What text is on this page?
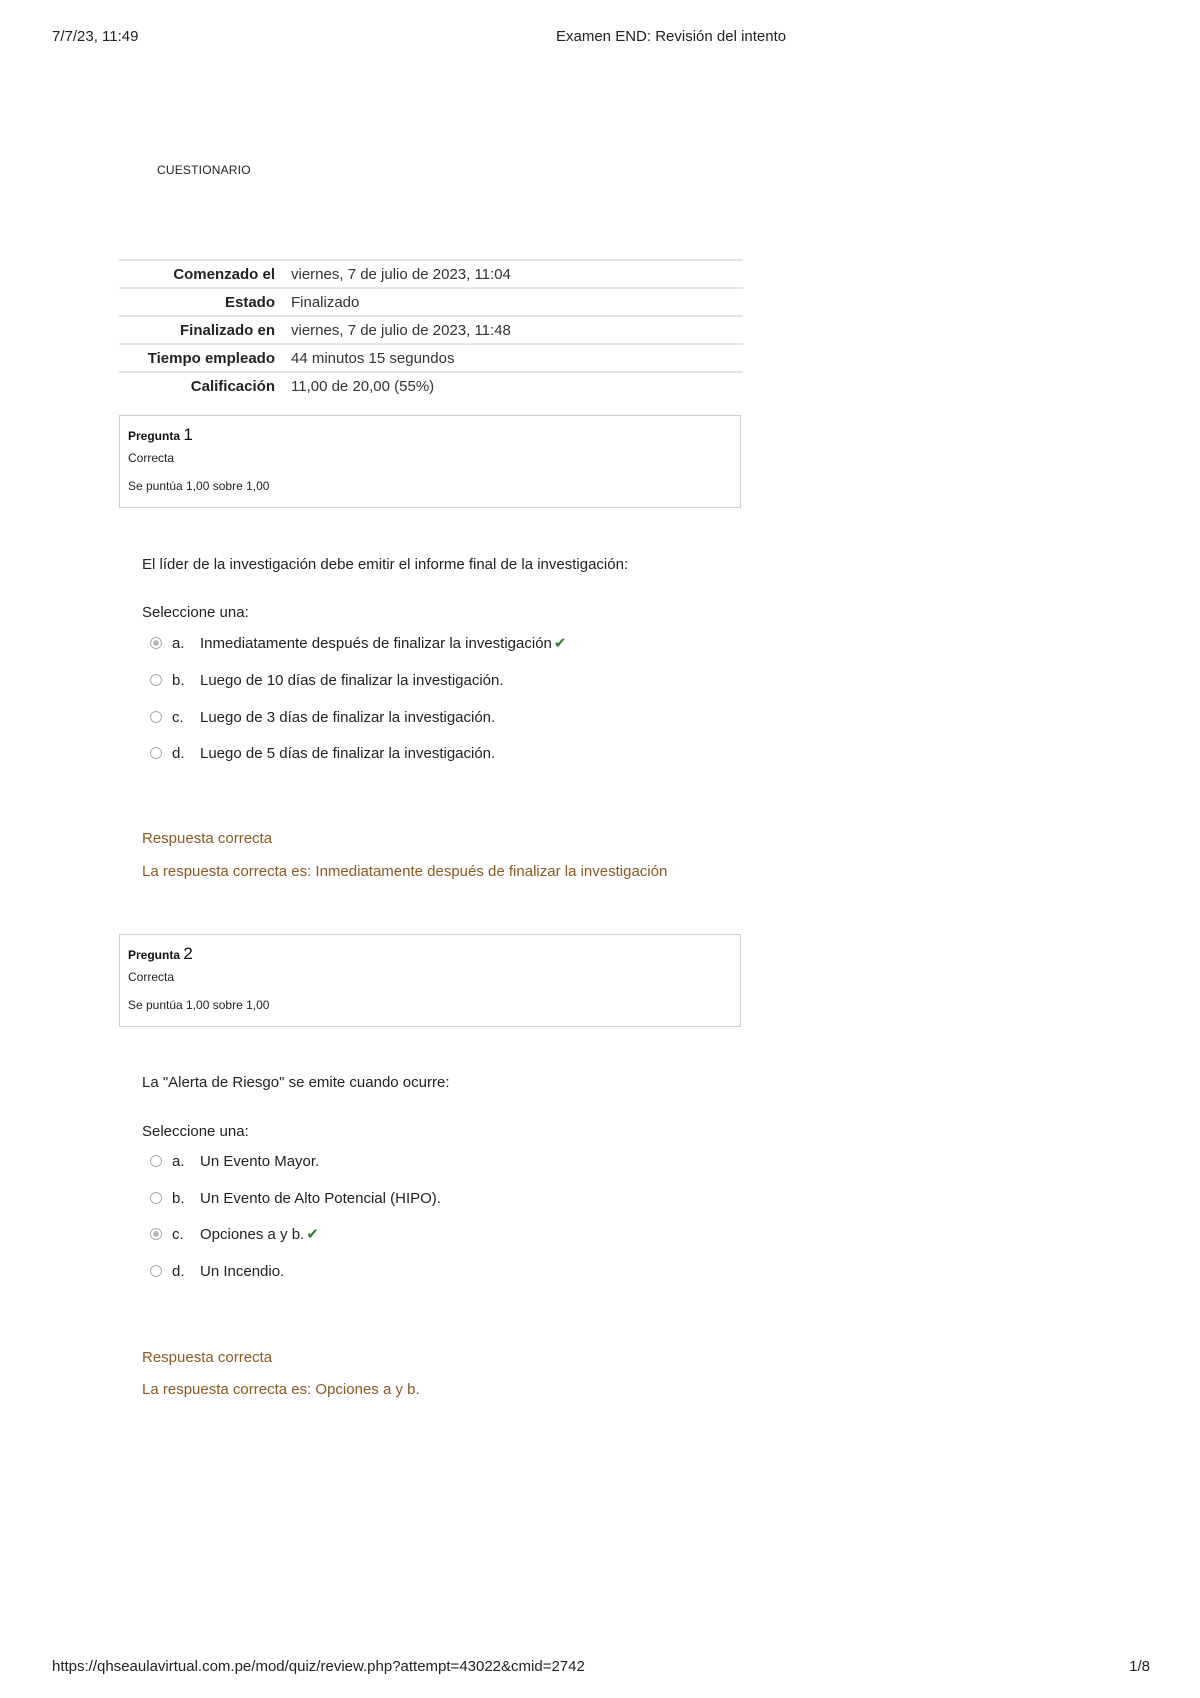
7/7/23, 11:49	Examen END: Revisión del intento
CUESTIONARIO
Comenzado el	viernes, 7 de julio de 2023, 11:04
Estado	Finalizado
Finalizado en	viernes, 7 de julio de 2023, 11:48
Tiempo empleado	44 minutos 15 segundos
Calificación	11,00 de 20,00 (55%)
Pregunta 1
Correcta
Se puntúa 1,00 sobre 1,00
El líder de la investigación debe emitir el informe final de la investigación:
Seleccione una:
a.	Inmediatamente después de finalizar la investigación ✔
b.	Luego de 10 días de finalizar la investigación.
c.	Luego de 3 días de finalizar la investigación.
d.	Luego de 5 días de finalizar la investigación.
Respuesta correcta
La respuesta correcta es: Inmediatamente después de finalizar la investigación
Pregunta 2
Correcta
Se puntúa 1,00 sobre 1,00
La "Alerta de Riesgo" se emite cuando ocurre:
Seleccione una:
a.	Un Evento Mayor.
b.	Un Evento de Alto Potencial (HIPO).
c.	Opciones a y b. ✔
d.	Un Incendio.
Respuesta correcta
La respuesta correcta es: Opciones a y b.
https://qhseaulavirtual.com.pe/mod/quiz/review.php?attempt=43022&cmid=2742	1/8
